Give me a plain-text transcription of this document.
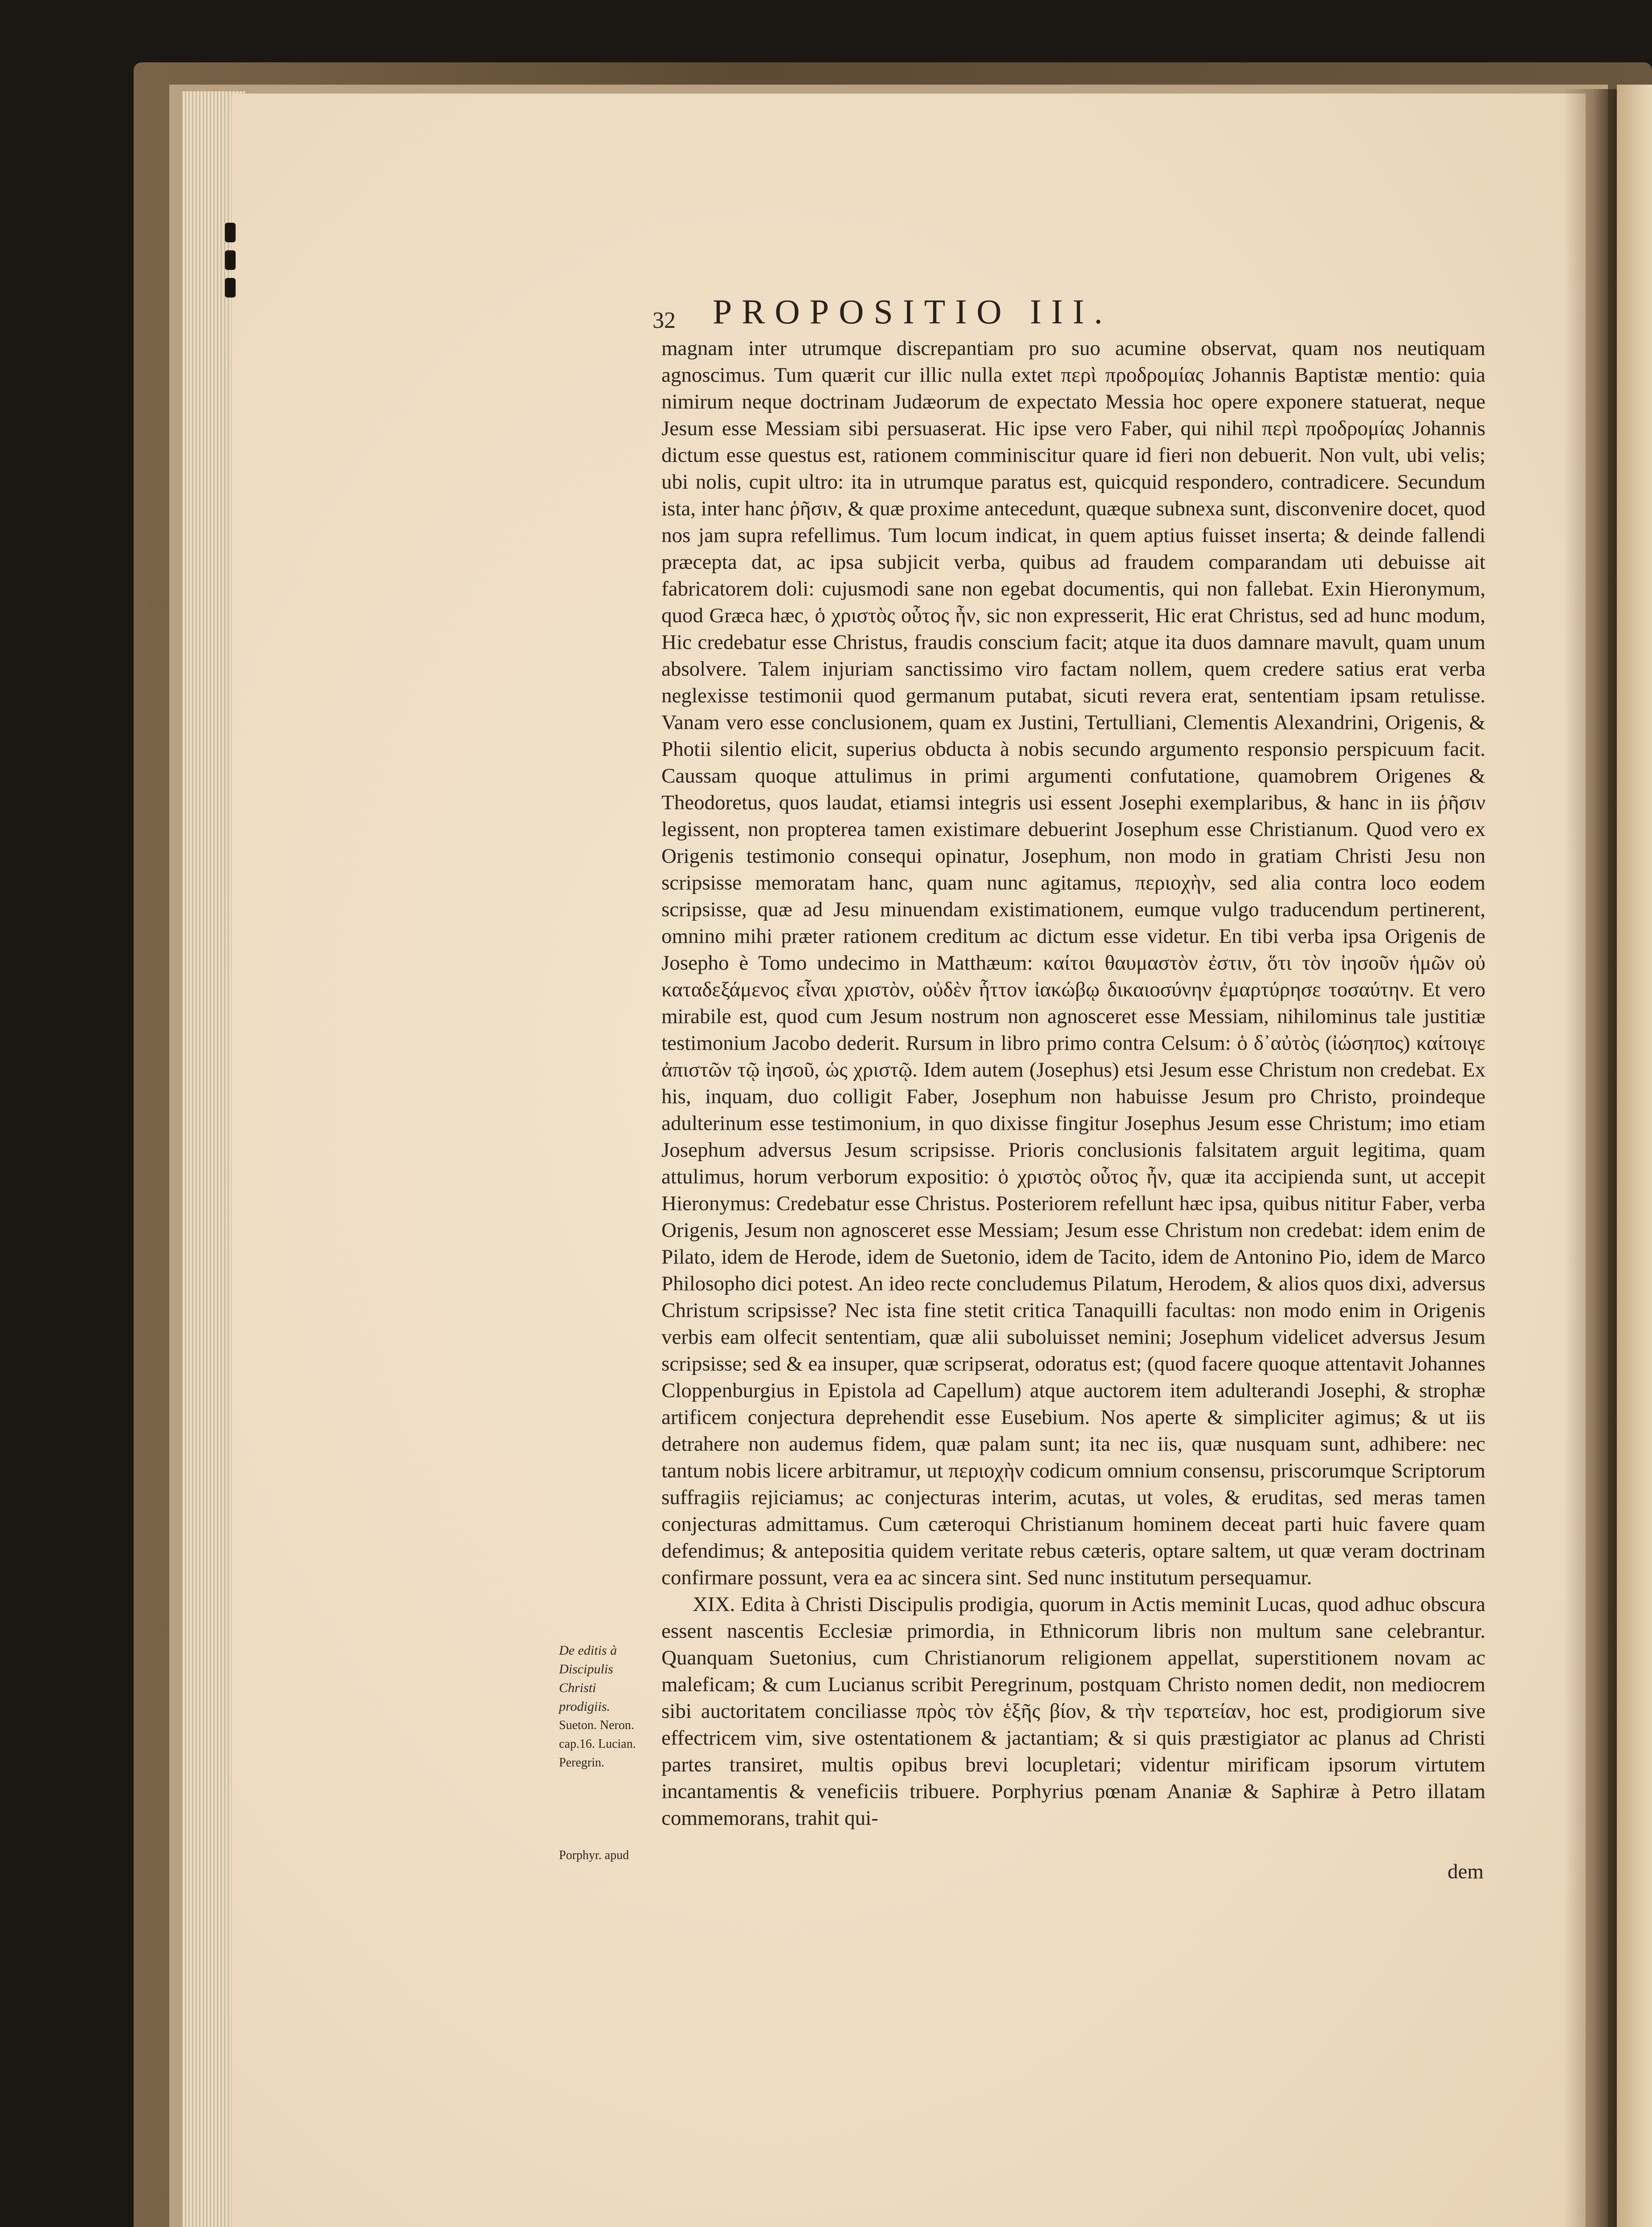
32 PROPOSITIO III.

magnam inter utrumque discrepantiam pro suo acumine observat, quam nos neutiquam agnoscimus. Tum quærit cur illic nulla extet περὶ προδρομίας Johannis Baptistæ mentio: quia nimirum neque doctrinam Judæorum de expectato Messia hoc opere exponere statuerat, neque Jesum esse Messiam sibi persuaserat. Hic ipse vero Faber, qui nihil περὶ προδρομίας Johannis dictum esse questus est, rationem comminiscitur quare id fieri non debuerit. Non vult, ubi velis; ubi nolis, cupit ultro: ita in utrumque paratus est, quicquid respondero, contradicere. Secundum ista, inter hanc ῥῆσιν, & quæ proxime antecedunt, quæque subnexa sunt, disconvenire docet, quod nos jam supra refellimus. Tum locum indicat, in quem aptius fuisset inserta; & deinde fallendi præcepta dat, ac ipsa subjicit verba, quibus ad fraudem comparandam uti debuisse ait fabricatorem doli: cujusmodi sane non egebat documentis, qui non fallebat. Exin Hieronymum, quod Græca hæc, ὁ χριστὸς οὗτος ἦν, sic non expresserit, Hic erat Christus, sed ad hunc modum, Hic credebatur esse Christus, fraudis conscium facit; atque ita duos damnare mavult, quam unum absolvere. Talem injuriam sanctissimo viro factam nollem, quem credere satius erat verba neglexisse testimonii quod germanum putabat, sicuti revera erat, sententiam ipsam retulisse. Vanam vero esse conclusionem, quam ex Justini, Tertulliani, Clementis Alexandrini, Origenis, & Photii silentio elicit, superius obducta à nobis secundo argumento responsio perspicuum facit. Caussam quoque attulimus in primi argumenti confutatione, quamobrem Origenes & Theodoretus, quos laudat, etiamsi integris usi essent Josephi exemplaribus, & hanc in iis ῥῆσιν legissent, non propterea tamen existimare debuerint Josephum esse Christianum. Quod vero ex Origenis testimonio consequi opinatur, Josephum, non modo in gratiam Christi Jesu non scripsisse memoratam hanc, quam nunc agitamus, περιοχὴν, sed alia contra loco eodem scripsisse, quæ ad Jesu minuendam existimationem, eumque vulgo traducendum pertinerent, omnino mihi præter rationem creditum ac dictum esse videtur. En tibi verba ipsa Origenis de Josepho è Tomo undecimo in Matthæum: καίτοι θαυμαστὸν ἐστιν, ὅτι τὸν ἰησοῦν ἡμῶν οὐ καταδεξάμενος εἶναι χριστὸν, οὐδὲν ἧττον ἰακώβῳ δικαιοσύνην ἐμαρτύρησε τοσαύτην. Et vero mirabile est, quod cum Jesum nostrum non agnosceret esse Messiam, nihilominus tale justitiæ testimonium Jacobo dederit. Rursum in libro primo contra Celsum: ὁ δ᾽αὐτὸς (ἰώσηπος) καίτοιγε ἀπιστῶν τῷ ἰησοῦ, ὡς χριστῷ. Idem autem (Josephus) etsi Jesum esse Christum non credebat. Ex his, inquam, duo colligit Faber, Josephum non habuisse Jesum pro Christo, proindeque adulterinum esse testimonium, in quo dixisse fingitur Josephus Jesum esse Christum; imo etiam Josephum adversus Jesum scripsisse. Prioris conclusionis falsitatem arguit legitima, quam attulimus, horum verborum expositio: ὁ χριστὸς οὗτος ἦν, quæ ita accipienda sunt, ut accepit Hieronymus: Credebatur esse Christus. Posteriorem refellunt hæc ipsa, quibus nititur Faber, verba Origenis, Jesum non agnosceret esse Messiam; Jesum esse Christum non credebat: idem enim de Pilato, idem de Herode, idem de Suetonio, idem de Tacito, idem de Antonino Pio, idem de Marco Philosopho dici potest. An ideo recte concludemus Pilatum, Herodem, & alios quos dixi, adversus Christum scripsisse? Nec ista fine stetit critica Tanaquilli facultas: non modo enim in Origenis verbis eam olfecit sententiam, quæ alii suboluisset nemini; Josephum videlicet adversus Jesum scripsisse; sed & ea insuper, quæ scripserat, odoratus est; (quod facere quoque attentavit Johannes Cloppenburgius in Epistola ad Capellum) atque auctorem item adulterandi Josephi, & strophæ artificem conjectura deprehendit esse Eusebium. Nos aperte & simpliciter agimus; & ut iis detrahere non audemus fidem, quæ palam sunt; ita nec iis, quæ nusquam sunt, adhibere: nec tantum nobis licere arbitramur, ut περιοχὴν codicum omnium consensu, priscorumque Scriptorum suffragiis rejiciamus; ac conjecturas interim, acutas, ut voles, & eruditas, sed meras tamen conjecturas admittamus. Cum cæteroqui Christianum hominem deceat parti huic favere quam defendimus; & antepositia quidem veritate rebus cæteris, optare saltem, ut quæ veram doctrinam confirmare possunt, vera ea ac sincera sint. Sed nunc institutum persequamur.

XIX. Edita à Christi Discipulis prodigia, quorum in Actis meminit Lucas, quod adhuc obscura essent nascentis Ecclesiæ primordia, in Ethnicorum libris non multum sane celebrantur. Quanquam Suetonius, cum Christianorum religionem appellat, superstitionem novam ac maleficam; & cum Lucianus scribit Peregrinum, postquam Christo nomen dedit, non mediocrem sibi auctoritatem conciliasse πρὸς τὸν ἑξῆς βίον, & τὴν τερατείαν, hoc est, prodigiorum sive effectricem vim, sive ostentationem & jactantiam; & si quis præstigiator ac planus ad Christi partes transiret, multis opibus brevi locupletari; videntur mirificam ipsorum virtutem incantamentis & veneficiis tribuere. Porphyrius pœnam Ananiæ & Saphiræ à Petro illatam commemorans, trahit qui-

De editis à Discipulis Christi prodigiis.
Sueton. Neron. cap.16. Lucian. Peregrin.
Porphyr. apud
dem
